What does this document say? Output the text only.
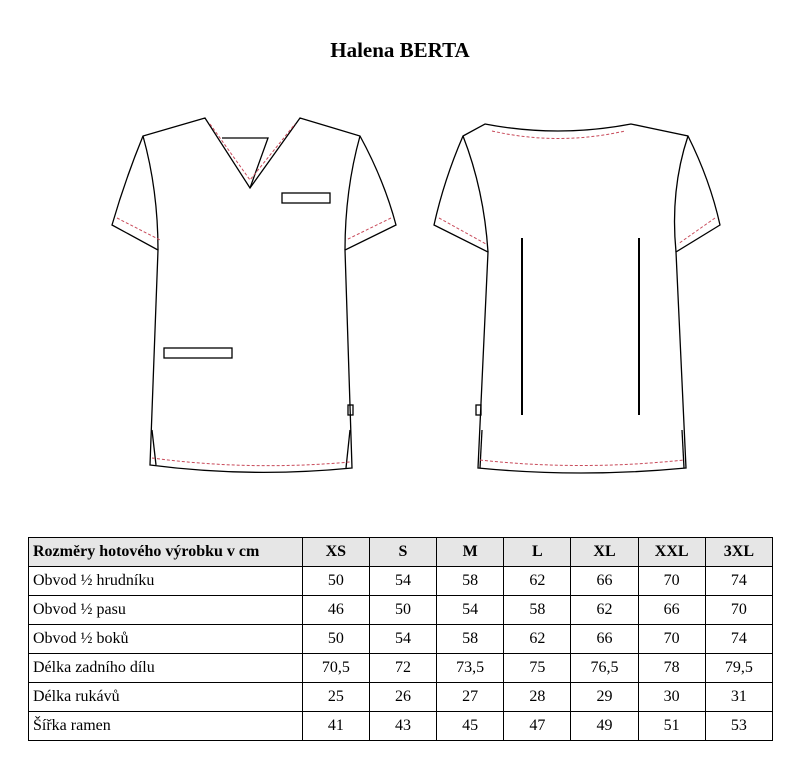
Halena BERTA
Rozměry hotového výrobku v cm	XS	S	M	L	XL	XXL	3XL
Obvod ½ hrudníku	50	54	58	62	66	70	74
Obvod ½ pasu	46	50	54	58	62	66	70
Obvod ½ boků	50	54	58	62	66	70	74
Délka zadního dílu	70,5	72	73,5	75	76,5	78	79,5
Délka rukávů	25	26	27	28	29	30	31
Šířka ramen	41	43	45	47	49	51	53
